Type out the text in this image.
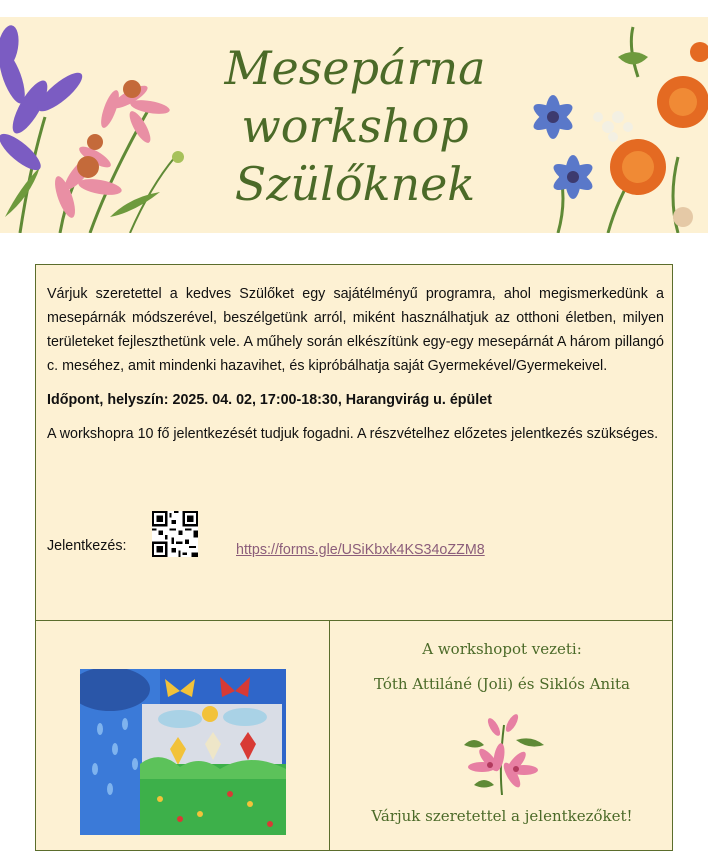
Mesepárna
workshop
Szülőknek

Várjuk szeretettel a kedves Szülőket egy sajátélményű programra, ahol megismerkedünk a mesepárnák módszerével, beszélgetünk arról, miként használhatjuk az otthoni életben, milyen területeket fejleszthetünk vele. A műhely során elkészítünk egy-egy mesepárnát A három pillangó c. meséhez, amit mindenki hazavihet, és kipróbálhatja saját Gyermekével/Gyermekeivel.

Időpont, helyszín: 2025. 04. 02, 17:00-18:30, Harangvirág u. épület

A workshopra 10 fő jelentkezését tudjuk fogadni. A részvételhez előzetes jelentkezés szükséges.

Jelentkezés:	https://forms.gle/USiKbxk4KS34oZZM8
A workshopot vezeti:
Tóth Attiláné (Joli) és Siklós Anita
Várjuk szeretettel a jelentkezőket!
